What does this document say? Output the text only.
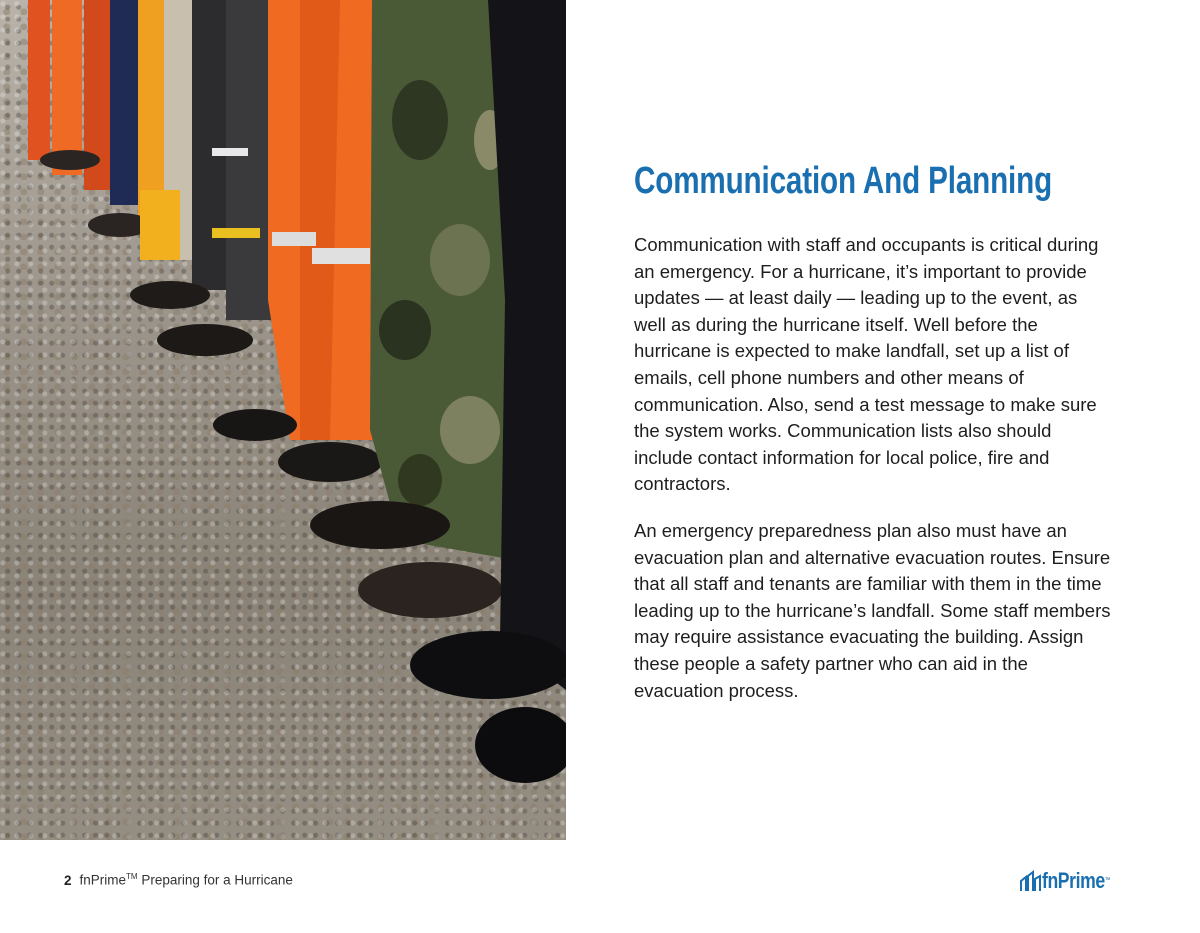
Communication And Planning

Communication with staff and occupants is critical during an emergency. For a hurricane, it’s important to provide updates — at least daily — leading up to the event, as well as during the hurricane itself. Well before the hurricane is expected to make landfall, set up a list of emails, cell phone numbers and other means of communication. Also, send a test message to make sure the system works. Communication lists also should include contact information for local police, fire and contractors.

An emergency preparedness plan also must have an evacuation plan and alternative evacuation routes. Ensure that all staff and tenants are familiar with them in the time leading up to the hurricane’s landfall. Some staff members may require assistance evacuating the building. Assign these people a safety partner who can aid in the evacuation process.

2 fnPrime™ Preparing for a Hurricane	fnPrime™
